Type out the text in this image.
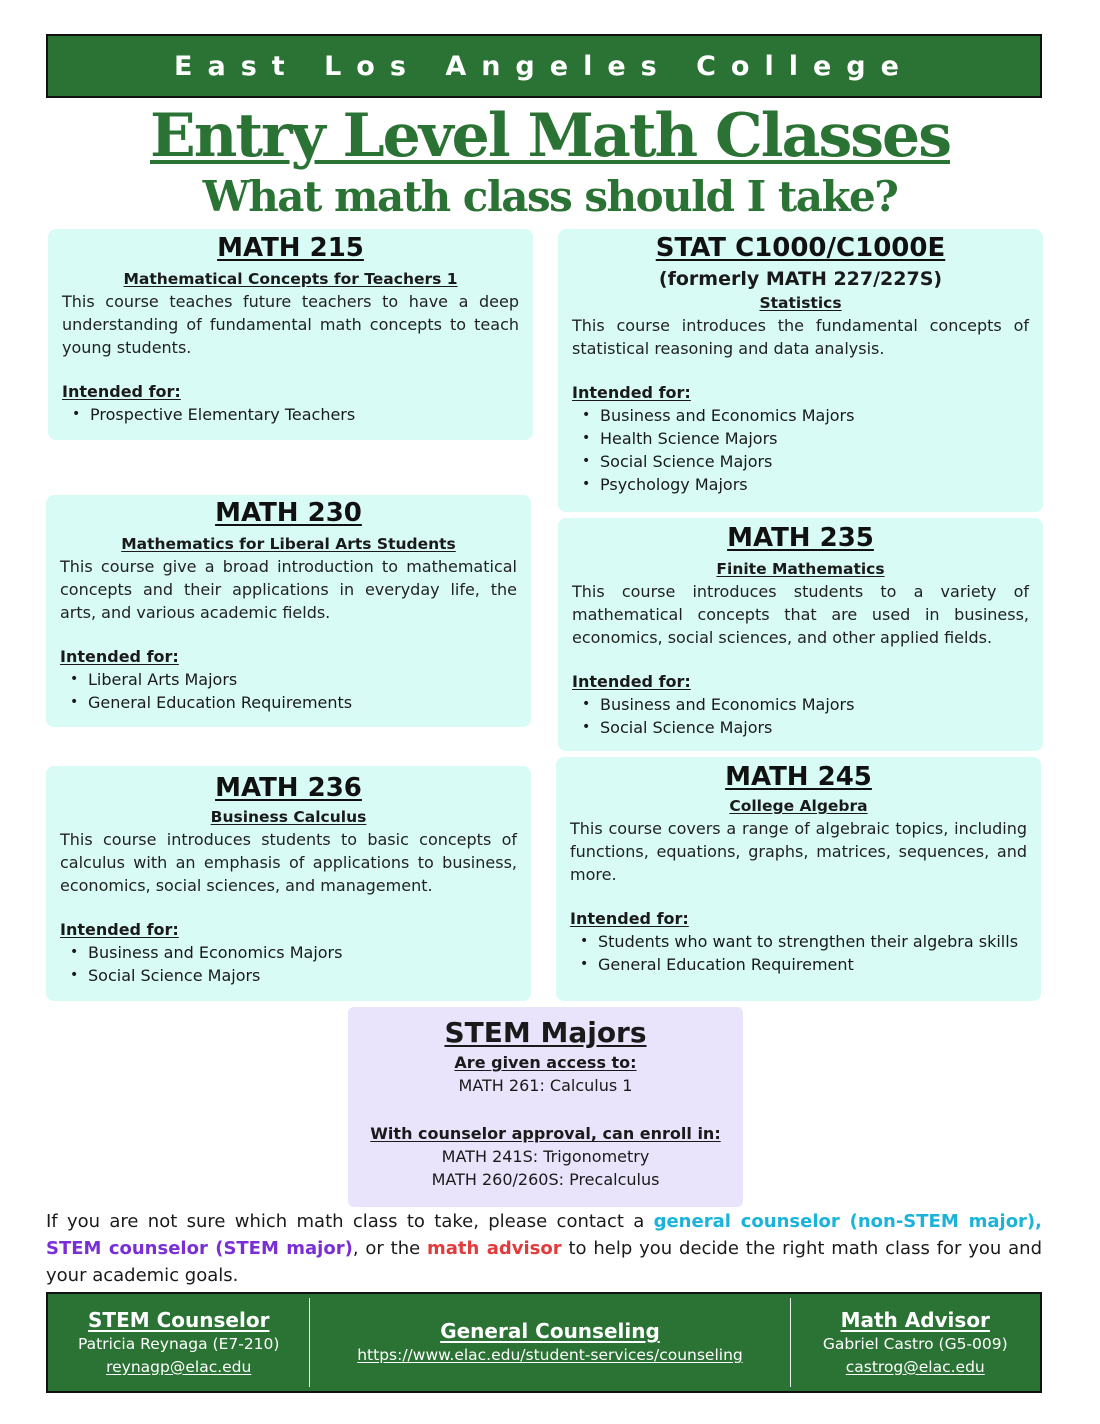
East Los Angeles College
Entry Level Math Classes
What math class should I take?
MATH 215
Mathematical Concepts for Teachers 1
This course teaches future teachers to have a deep understanding of fundamental math concepts to teach young students.
Intended for:
• Prospective Elementary Teachers
STAT C1000/C1000E
(formerly MATH 227/227S)
Statistics
This course introduces the fundamental concepts of statistical reasoning and data analysis.
Intended for:
• Business and Economics Majors
• Health Science Majors
• Social Science Majors
• Psychology Majors
MATH 230
Mathematics for Liberal Arts Students
This course give a broad introduction to mathematical concepts and their applications in everyday life, the arts, and various academic fields.
Intended for:
• Liberal Arts Majors
• General Education Requirements
MATH 235
Finite Mathematics
This course introduces students to a variety of mathematical concepts that are used in business, economics, social sciences, and other applied fields.
Intended for:
• Business and Economics Majors
• Social Science Majors
MATH 236
Business Calculus
This course introduces students to basic concepts of calculus with an emphasis of applications to business, economics, social sciences, and management.
Intended for:
• Business and Economics Majors
• Social Science Majors
MATH 245
College Algebra
This course covers a range of algebraic topics, including functions, equations, graphs, matrices, sequences, and more.
Intended for:
• Students who want to strengthen their algebra skills
• General Education Requirement
STEM Majors
Are given access to:
MATH 261: Calculus 1
With counselor approval, can enroll in:
MATH 241S: Trigonometry
MATH 260/260S: Precalculus

If you are not sure which math class to take, please contact a general counselor (non-STEM major), STEM counselor (STEM major), or the math advisor to help you decide the right math class for you and your academic goals.

STEM Counselor
Patricia Reynaga (E7-210)
reynagp@elac.edu
General Counseling
https://www.elac.edu/student-services/counseling
Math Advisor
Gabriel Castro (G5-009)
castrog@elac.edu
